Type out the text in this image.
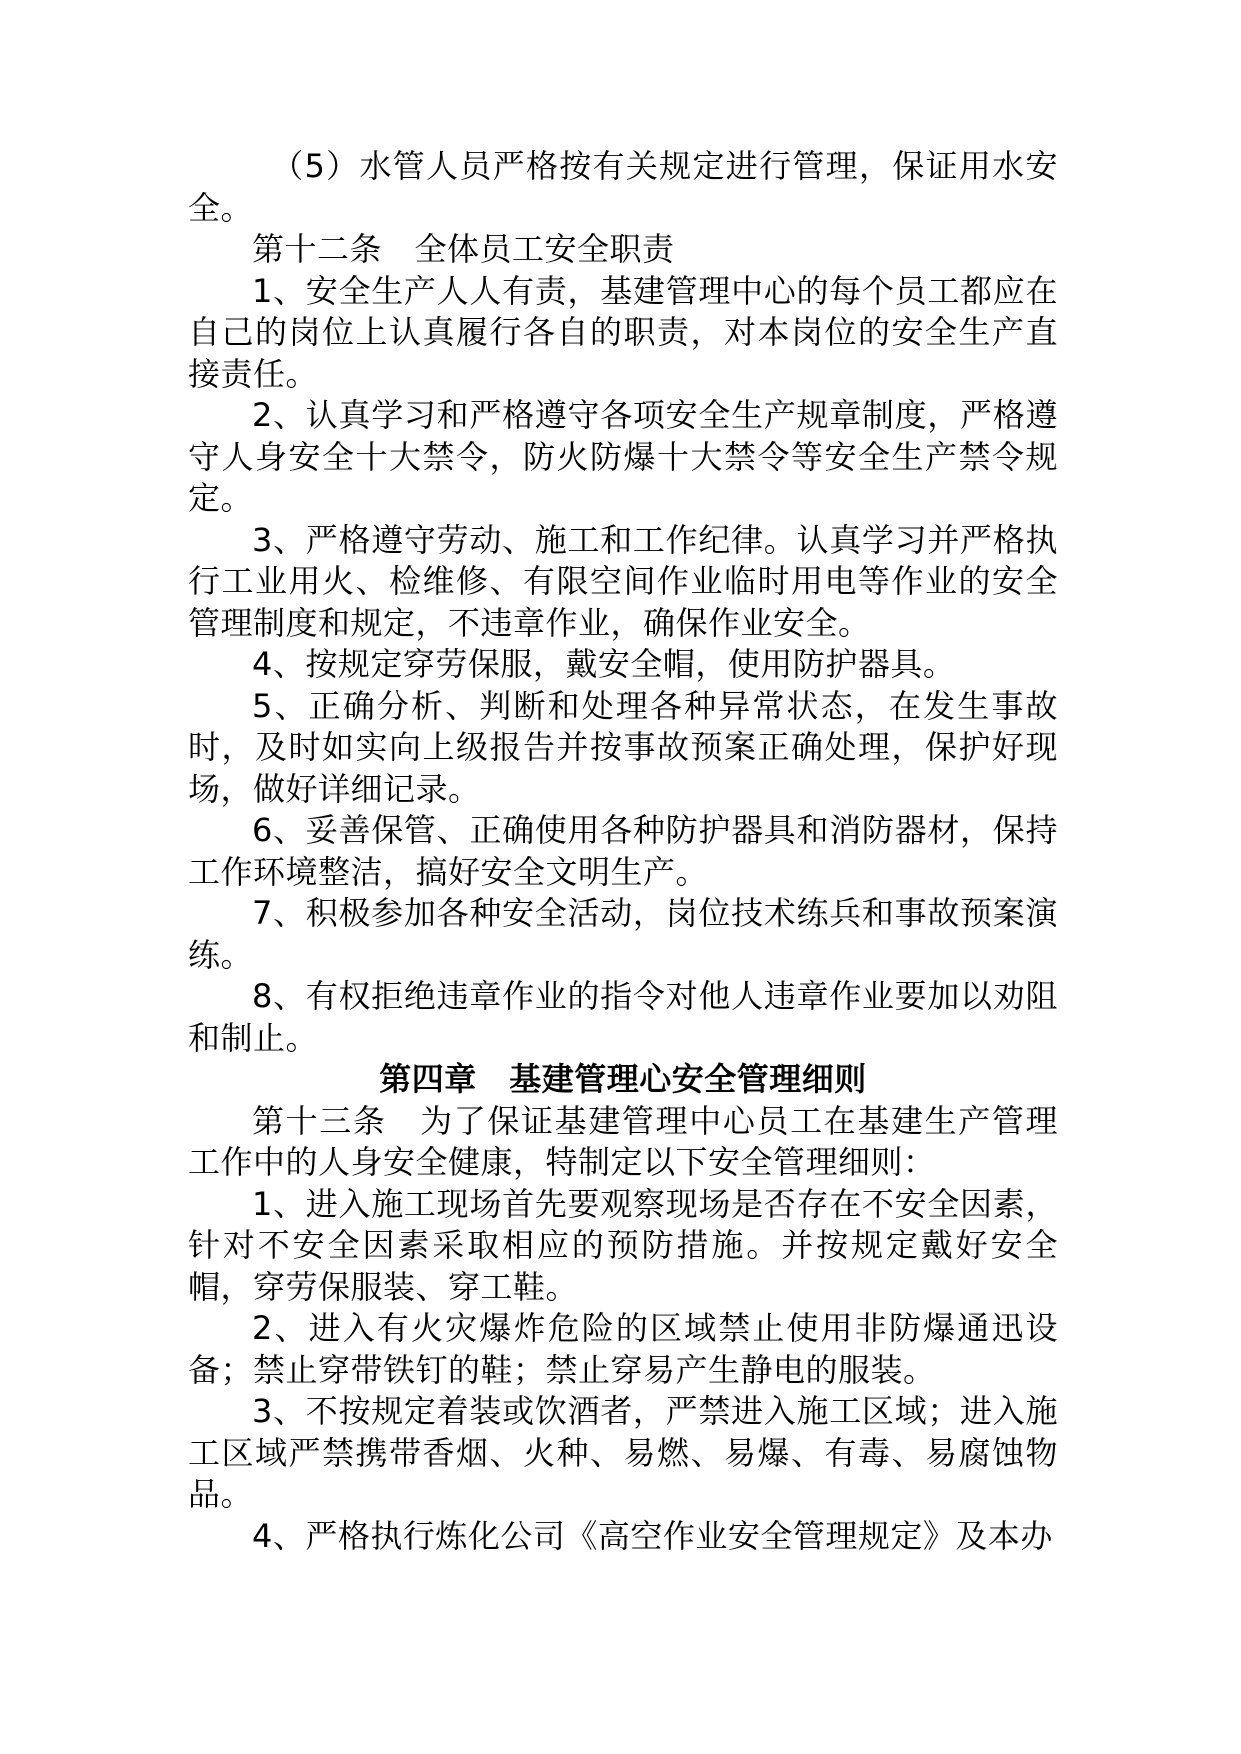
（5）水管人员严格按有关规定进行管理，保证用水安全。

第十二条　全体员工安全职责

1、安全生产人人有责，基建管理中心的每个员工都应在自己的岗位上认真履行各自的职责，对本岗位的安全生产直接责任。

2、认真学习和严格遵守各项安全生产规章制度，严格遵守人身安全十大禁令，防火防爆十大禁令等安全生产禁令规定。

3、严格遵守劳动、施工和工作纪律。认真学习并严格执行工业用火、检维修、有限空间作业临时用电等作业的安全管理制度和规定，不违章作业，确保作业安全。

4、按规定穿劳保服，戴安全帽，使用防护器具。

5、正确分析、判断和处理各种异常状态，在发生事故时，及时如实向上级报告并按事故预案正确处理，保护好现场，做好详细记录。

6、妥善保管、正确使用各种防护器具和消防器材，保持工作环境整洁，搞好安全文明生产。

7、积极参加各种安全活动，岗位技术练兵和事故预案演练。

8、有权拒绝违章作业的指令对他人违章作业要加以劝阻和制止。

第四章　基建管理心安全管理细则

第十三条　为了保证基建管理中心员工在基建生产管理工作中的人身安全健康，特制定以下安全管理细则：

1、进入施工现场首先要观察现场是否存在不安全因素，针对不安全因素采取相应的预防措施。并按规定戴好安全帽，穿劳保服装、穿工鞋。

2、进入有火灾爆炸危险的区域禁止使用非防爆通迅设备；禁止穿带铁钉的鞋；禁止穿易产生静电的服装。

3、不按规定着装或饮酒者，严禁进入施工区域；进入施工区域严禁携带香烟、火种、易燃、易爆、有毒、易腐蚀物品。

4、严格执行炼化公司《高空作业安全管理规定》及本办
